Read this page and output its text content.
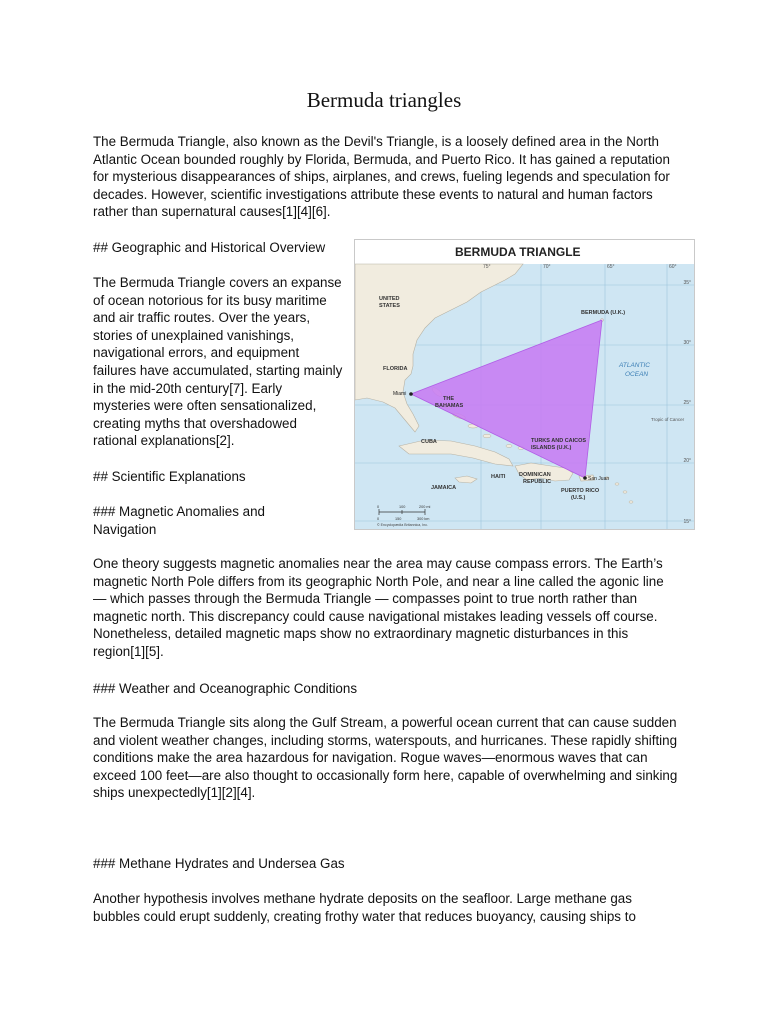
Bermuda triangles

The Bermuda Triangle, also known as the Devil's Triangle, is a loosely defined area in the North Atlantic Ocean bounded roughly by Florida, Bermuda, and Puerto Rico. It has gained a reputation for mysterious disappearances of ships, airplanes, and crews, fueling legends and speculation for decades. However, scientific investigations attribute these events to natural and human factors rather than supernatural causes[1][4][6].

## Geographic and Historical Overview

The Bermuda Triangle covers an expanse of ocean notorious for its busy maritime and air traffic routes. Over the years, stories of unexplained vanishings, navigational errors, and equipment failures have accumulated, starting mainly in the mid-20th century[7]. Early mysteries were often sensationalized, creating myths that overshadowed rational explanations[2].

## Scientific Explanations

### Magnetic Anomalies and Navigation

One theory suggests magnetic anomalies near the area may cause compass errors. The Earth’s magnetic North Pole differs from its geographic North Pole, and near a line called the agonic line — which passes through the Bermuda Triangle — compasses point to true north rather than magnetic north. This discrepancy could cause navigational mistakes leading vessels off course. Nonetheless, detailed magnetic maps show no extraordinary magnetic disturbances in this region[1][5].

### Weather and Oceanographic Conditions

The Bermuda Triangle sits along the Gulf Stream, a powerful ocean current that can cause sudden and violent weather changes, including storms, waterspouts, and hurricanes. These rapidly shifting conditions make the area hazardous for navigation. Rogue waves—enormous waves that can exceed 100 feet—are also thought to occasionally form here, capable of overwhelming and sinking ships unexpectedly[1][2][4].

### Methane Hydrates and Undersea Gas

Another hypothesis involves methane hydrate deposits on the seafloor. Large methane gas bubbles could erupt suddenly, creating frothy water that reduces buoyancy, causing ships to

BERMUDA TRIANGLE
75°	70°	65°	60°
35°
30°
25°
20°
15°
UNITED
STATES
FLORIDA
BERMUDA (U.K.)
THE
BAHAMAS
CUBA	TURKS AND CAICOS
ISLANDS (U.K.)
HAITI DOMINICAN
REPUBLIC
PUERTO RICO
(U.S.)
JAMAICA
Miami
San Juan
ATLANTIC
OCEAN
Tropic of Cancer
0	100	200 mi
0	150	300 km
© Encyclopædia Britannica, Inc.
